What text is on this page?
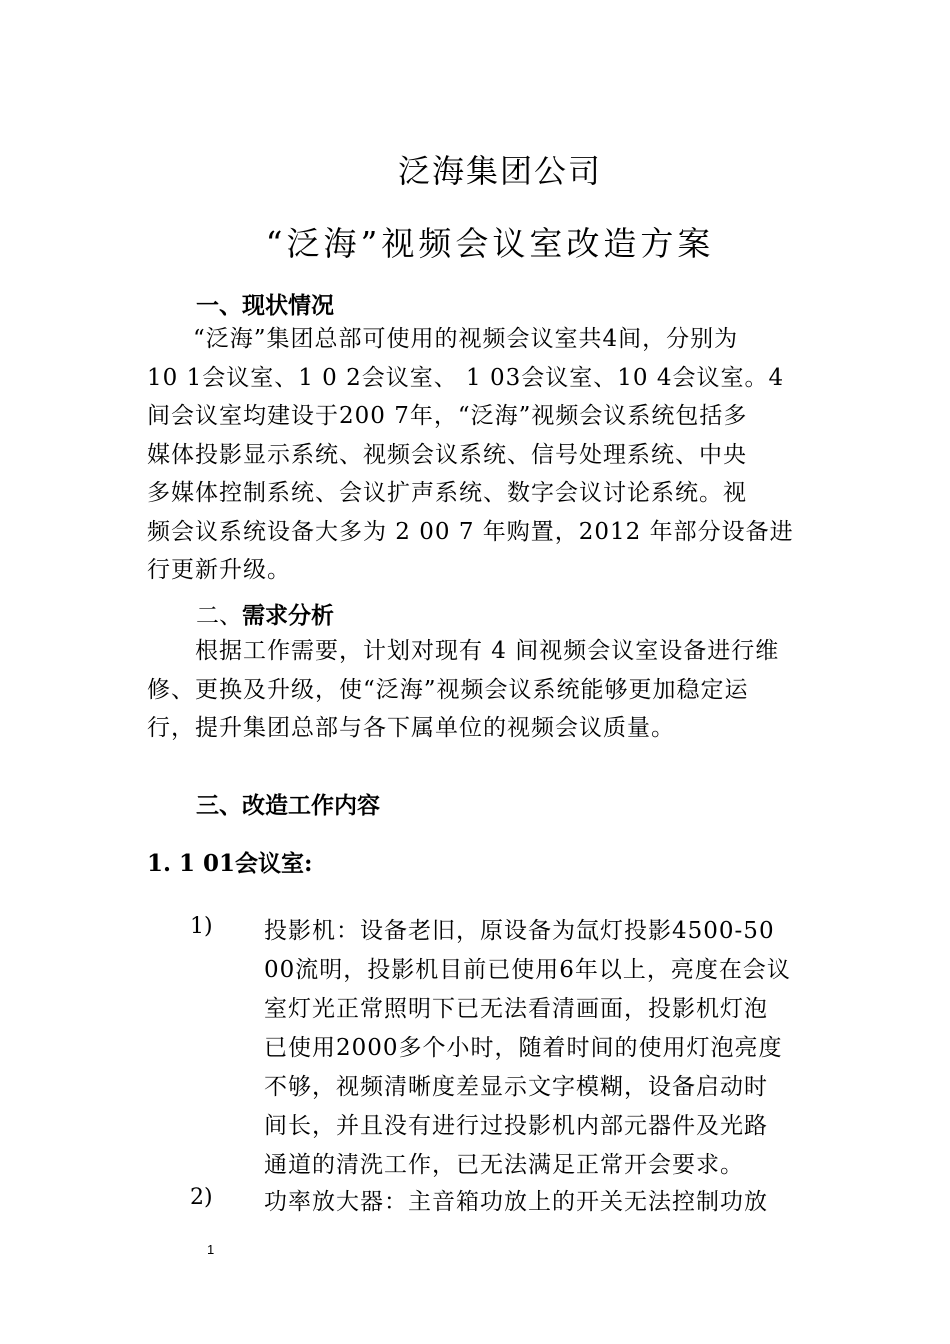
泛海集团公司
“泛海”视频会议室改造方案
一、现状情况
“泛海”集团总部可使用的视频会议室共4间，分别为
10 1会议室、1 0 2会议室、 1 03会议室、10 4会议室。4
间会议室均建设于200 7年，“泛海”视频会议系统包括多
媒体投影显示系统、视频会议系统、信号处理系统、中央
多媒体控制系统、会议扩声系统、数字会议讨论系统。视
频会议系统设备大多为 2 00 7 年购置，2012 年部分设备进
行更新升级。
二、需求分析
根据工作需要，计划对现有 4 间视频会议室设备进行维
修、更换及升级，使“泛海”视频会议系统能够更加稳定运
行，提升集团总部与各下属单位的视频会议质量。
三、改造工作内容
1. 1 01会议室:
1) 投影机：设备老旧，原设备为氙灯投影4500-50
00流明，投影机目前已使用6年以上，亮度在会议
室灯光正常照明下已无法看清画面，投影机灯泡
已使用2000多个小时，随着时间的使用灯泡亮度
不够，视频清晰度差显示文字模糊，设备启动时
间长，并且没有进行过投影机内部元器件及光路
通道的清洗工作，已无法满足正常开会要求。
2) 功率放大器：主音箱功放上的开关无法控制功放
1
